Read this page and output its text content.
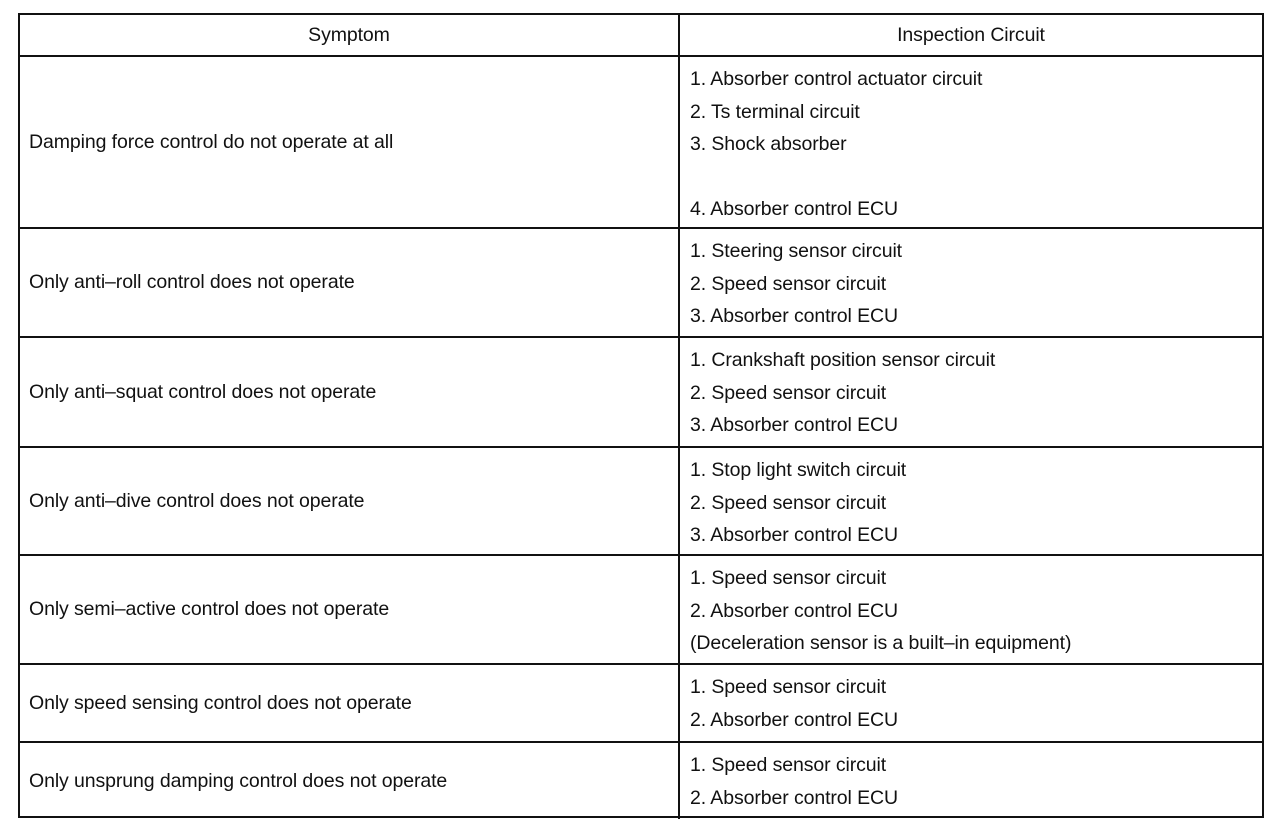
Symptom	Inspection Circuit
Damping force control do not operate at all
1. Absorber control actuator circuit
2. Ts terminal circuit
3. Shock absorber
4. Absorber control ECU
Only anti–roll control does not operate
1. Steering sensor circuit
2. Speed sensor circuit
3. Absorber control ECU
Only anti–squat control does not operate
1. Crankshaft position sensor circuit
2. Speed sensor circuit
3. Absorber control ECU
Only anti–dive control does not operate
1. Stop light switch circuit
2. Speed sensor circuit
3. Absorber control ECU
Only semi–active control does not operate
1. Speed sensor circuit
2. Absorber control ECU
(Deceleration sensor is a built–in equipment)
Only speed sensing control does not operate
1. Speed sensor circuit
2. Absorber control ECU
Only unsprung damping control does not operate
1. Speed sensor circuit
2. Absorber control ECU
